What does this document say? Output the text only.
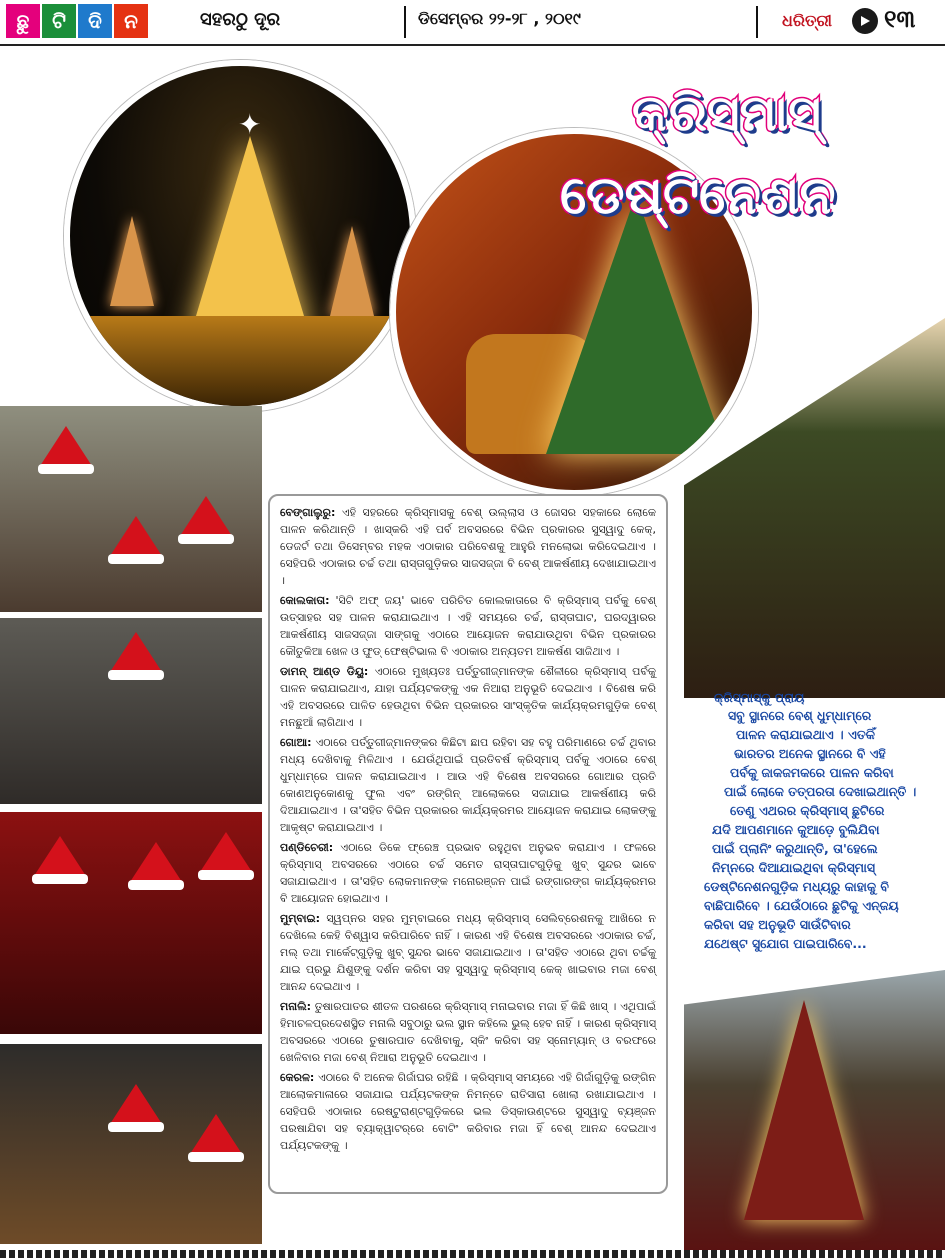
ଛୁ	ଟି	ଦି	ନ	ସହରଠୁ ଦୂର	ଡିସେମ୍ବର ୨୨-୨୮ , ୨୦୧୯	ଧରିତ୍ରୀ	୧୩
✦	କ୍ରିସ୍‌ମାସ୍
ଡେଷ୍ଟିନେଶନ
କ୍ରିସ୍‌ମାସ୍‌କୁ ପ୍ରାୟ
ସବୁ ସ୍ଥାନରେ ବେଶ୍ ଧୁମ୍‌ଧାମ୍‌ରେ
ପାଳନ କରାଯାଇଥାଏ । ଏତକିଁ
ଭାରତର ଅନେକ ସ୍ଥାନରେ ବି ଏହି
ପର୍ବକୁ ଜାକଜମକରେ ପାଳନ କରିବା
ପାଇଁ ଲୋକେ ତତ୍ପରତା ଦେଖାଇଥାନ୍ତି ।
ତେଣୁ ଏଥରର କ୍ରିସ୍‌ମାସ୍ ଛୁଟିରେ
ଯଦି ଆପଣମାନେ କୁଆଡ଼େ ବୁଲିଯିବା
ପାଇଁ ପ୍ଲାନିଂ କରୁଥାନ୍ତି, ତା'ହେଲେ
ନିମ୍ନରେ ଦିଆଯାଇଥିବା କ୍ରିସ୍‌ମାସ୍
ଡେଷ୍ଟିନେଶନଗୁଡ଼ିକ ମଧ୍ୟରୁ କାହାକୁ ବି
ବାଛିପାରିବେ । ଯେଉଁଠାରେ ଛୁଟିକୁ ଏନ୍‌ଜୟ
କରିବା ସହ ଅନୁଭୂତି ସାଉଁଟିବାର
ଯଥେଷ୍ଟ ସୁଯୋଗ ପାଇପାରିବେ...

ବେଙ୍ଗାଲୁରୁ: ଏହି ସହରରେ କ୍ରିସ୍‌ମାସକୁ ବେଶ୍ ଉଲ୍ଲାସ ଓ ଜୋସର ସହକାରେ ଲୋକେ ପାଳନ କରିଥାନ୍ତି । ଖାସ୍‌କରି ଏହି ପର୍ବ ଅବସରରେ ବିଭିନ ପ୍ରକାରର ସୁସ୍ୱାଦୁ କେକ୍, ଡେଜର୍ଟ ତଥା ଡିସେମ୍ବର ମହକ ଏଠାକାର ପରିବେଶକୁ ଆହୁରି ମନଲୋଭା କରିଦେଇଥାଏ । ସେହିପରି ଏଠାକାର ଚର୍ଚ୍ଚ ତଥା ରାସ୍ତାଗୁଡ଼ିକର ସାଜସଜ୍ଜା ବି ବେଶ୍ ଆକର୍ଷଣୀୟ ଦେଖାଯାଇଥାଏ ।

କୋଲକାତା: 'ସିଟି ଅଫ୍ ଜୟ' ଭାବେ ପରିଚିତ କୋଲକାତାରେ ବି କ୍ରିସ୍‌ମାସ୍ ପର୍ବକୁ ବେଶ୍ ଉତ୍ସାହର ସହ ପାଳନ କରାଯାଇଥାଏ । ଏହି ସମୟରେ ଚର୍ଚ୍ଚ, ରାସ୍ତାଘାଟ, ଘରଦ୍ୱାରର ଆକର୍ଷଣୀୟ ସାଜସଜ୍ଜା ସାଙ୍ଗକୁ ଏଠାରେ ଆୟୋଜନ କରାଯାଉଥିବା ବିଭିନ ପ୍ରକାରର କୌତୁକିଆ ଖେଳ ଓ ଫୁଡ୍ ଫେଷ୍ଟିଭାଲ ବି ଏଠାକାର ଅନ୍ୟତମ ଆକର୍ଷଣ ସାଜିଥାଏ ।

ଡାମନ୍ ଆଣ୍ଡ ଡିୟୁ: ଏଠାରେ ମୁଖ୍ୟତଃ ପର୍ତ୍ତୁଗୀଜ୍‌ମାନଙ୍କ ଶୈଳୀରେ କ୍ରିସ୍‌ମାସ୍ ପର୍ବକୁ ପାଳନ କରାଯାଇଥାଏ, ଯାହା ପର୍ଯ୍ୟଟକଙ୍କୁ ଏକ ନିଆରା ଅନୁଭୂତି ଦେଇଥାଏ । ବିଶେଷ କରି ଏହି ଅବସରରେ ପାଳିତ ହେଉଥିବା ବିଭିନ ପ୍ରକାରର ସାଂସ୍କୃତିକ କାର୍ଯ୍ୟକ୍ରମଗୁଡ଼ିକ ବେଶ୍ ମନଛୁଆଁ ଲାଗିଥାଏ ।

ଗୋଆ: ଏଠାରେ ପର୍ତ୍ତୁଗୀଜ୍‌ମାନଙ୍କର କିଛିଟା ଛାପ ରହିବା ସହ ବହୁ ପରିମାଣରେ ଚର୍ଚ୍ଚ ଥିବାର ମଧ୍ୟ ଦେଖିବାକୁ ମିଳିଥାଏ । ଯେଉଁଥିପାଇଁ ପ୍ରତିବର୍ଷ କ୍ରିସ୍‌ମାସ୍ ପର୍ବକୁ ଏଠାରେ ବେଶ୍ ଧୁମ୍‌ଧାମ୍‌ରେ ପାଳନ କରାଯାଇଥାଏ । ଆଉ ଏହି ବିଶେଷ ଅବସରରେ ଗୋଆର ପ୍ରତି କୋଣଅନୁକୋଣକୁ ଫୁଲ ଏବଂ ରଙ୍ଗିନ୍ ଆଲୋକରେ ସଜାଯାଇ ଆକର୍ଷଣୀୟ କରି ଦିଆଯାଇଥାଏ । ତା'ସହିତ ବିଭିନ ପ୍ରକାରର କାର୍ଯ୍ୟକ୍ରମର ଆୟୋଜନ କରାଯାଇ ଲୋକଙ୍କୁ ଆକୃଷ୍ଟ କରାଯାଇଥାଏ ।

ପଣ୍ଡିଚେରୀ: ଏଠାରେ ଡିକେ ଫ୍ରେଞ୍ଚ ପ୍ରଭାବ ରହୁଥିବା ଅନୁଭବ କରାଯାଏ । ଫଳରେ କ୍ରିସ୍‌ମାସ୍ ଅବସରରେ ଏଠାରେ ଚର୍ଚ୍ଚ ସମେତ ରାସ୍ତାଘାଟଗୁଡ଼ିକୁ ଖୁବ୍ ସୁନ୍ଦର ଭାବେ ସଜାଯାଇଥାଏ । ତା'ସହିତ ଲୋକମାନଙ୍କ ମନୋରଞ୍ଜନ ପାଇଁ ରଙ୍ଗାରଙ୍ଗ କାର୍ଯ୍ୟକ୍ରମର ବି ଆୟୋଜନ ହୋଇଥାଏ ।

ମୁମ୍ବାଇ: ସ୍ୱପ୍ନର ସହର ମୁମ୍ବାଇରେ ମଧ୍ୟ କ୍ରିସ୍‌ମାସ୍ ସେଲିବ୍ରେଶନକୁ ଆଖିରେ ନ ଦେଖିଲେ କେହି ବିଶ୍ୱାସ କରିପାରିବେ ନାହିଁ । କାରଣ ଏହି ବିଶେଷ ଅବସରରେ ଏଠାକାର ଚର୍ଚ୍ଚ, ମଲ୍ ତଥା ମାର୍କେଟ୍‌ଗୁଡ଼ିକୁ ଖୁବ୍ ସୁନ୍ଦର ଭାବେ ସଜାଯାଇଥାଏ । ତା'ସହିତ ଏଠାରେ ଥିବା ଚର୍ଚ୍ଚକୁ ଯାଇ ପ୍ରଭୁ ଯିଶୁଙ୍କୁ ଦର୍ଶନ କରିବା ସହ ସୁସ୍ୱାଦୁ କ୍ରିସ୍‌ମାସ୍ କେକ୍ ଖାଇବାର ମଜା ବେଶ୍ ଆନନ୍ଦ ଦେଇଥାଏ ।

ମନାଲି: ତୁଷାରପାତର ଶୀତଳ ପରଶରେ କ୍ରିସ୍‌ମାସ୍ ମନାଇବାର ମଜା ହିଁ କିଛି ଖାସ୍ । ଏଥିପାଇଁ ହିମାଚଳପ୍ରଦେଶସ୍ଥିତ ମନାଲି ସବୁଠାରୁ ଭଲ ସ୍ଥାନ କହିଲେ ଭୁଲ୍ ହେବ ନାହିଁ । କାରଣ କ୍ରିସ୍‌ମାସ୍ ଅବସରରେ ଏଠାରେ ତୁଷାରପାତ ଦେଖିବାକୁ, ସ୍କିଂ କରିବା ସହ ସ୍ନୋମ୍ୟାନ୍ ଓ ବରଫରେ ଖେଳିବାର ମଜା ବେଶ୍ ନିଆରା ଅନୁଭୂତି ଦେଇଥାଏ ।

କେରଳ: ଏଠାରେ ବି ଅନେକ ଗିର୍ଜାଘର ରହିଛି । କ୍ରିସ୍‌ମାସ୍ ସମୟରେ ଏହି ଗିର୍ଜାଗୁଡ଼ିକୁ ରଙ୍ଗିନ ଆଲୋକମାଳାରେ ସଜାଯାଇ ପର୍ଯ୍ୟଟକଙ୍କ ନିମନ୍ତେ ରାତିସାରା ଖୋଲା ରଖାଯାଇଥାଏ । ସେହିପରି ଏଠାକାର ରେଷ୍ଟୁରାଣ୍ଟଗୁଡ଼ିକରେ ଭଲ ଡିସ୍‌କାଉଣ୍ଟରେ ସୁସ୍ୱାଦୁ ବ୍ୟଞ୍ଜନ ପରଷାଯିବା ସହ ବ୍ୟାକ୍‌ୱାଟର୍‌ରେ ବୋଟିଂ କରିବାର ମଜା ହିଁ ବେଶ୍ ଆନନ୍ଦ ଦେଇଥାଏ ପର୍ଯ୍ୟଟକଙ୍କୁ ।
